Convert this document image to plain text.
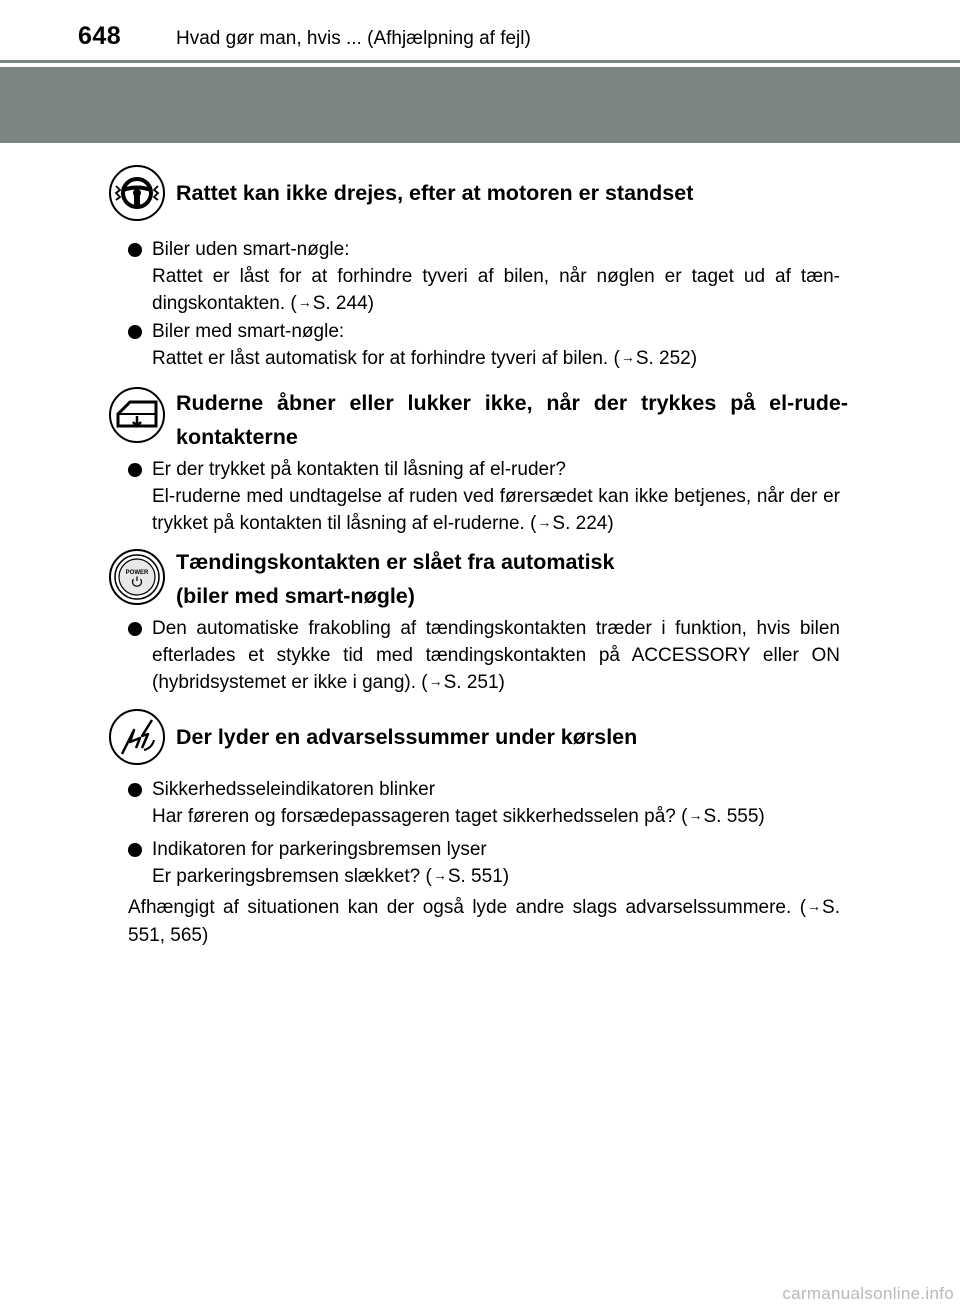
648	Hvad gør man, hvis ... (Afhjælpning af fejl)
Rattet kan ikke drejes, efter at motoren er standset
Biler uden smart-nøgle:
Rattet er låst for at forhindre tyveri af bilen, når nøglen er taget ud af tæn-dingskontakten. (→S. 244)
Biler med smart-nøgle:
Rattet er låst automatisk for at forhindre tyveri af bilen. (→S. 252)
Ruderne åbner eller lukker ikke, når der trykkes på el-rude-kontakterne
Er der trykket på kontakten til låsning af el-ruder?
El-ruderne med undtagelse af ruden ved førersædet kan ikke betjenes, når der er trykket på kontakten til låsning af el-ruderne. (→S. 224)
POWER Tændingskontakten er slået fra automatisk
(biler med smart-nøgle)
Den automatiske frakobling af tændingskontakten træder i funktion, hvis bilen efterlades et stykke tid med tændingskontakten på ACCESSORY eller ON (hybridsystemet er ikke i gang). (→S. 251)
Der lyder en advarselssummer under kørslen
Sikkerhedsseleindikatoren blinker
Har føreren og forsædepassageren taget sikkerhedsselen på? (→S. 555)
Indikatoren for parkeringsbremsen lyser
Er parkeringsbremsen slækket? (→S. 551)
Afhængigt af situationen kan der også lyde andre slags advarselssummere. (→S. 551, 565)
carmanualsonline.info
